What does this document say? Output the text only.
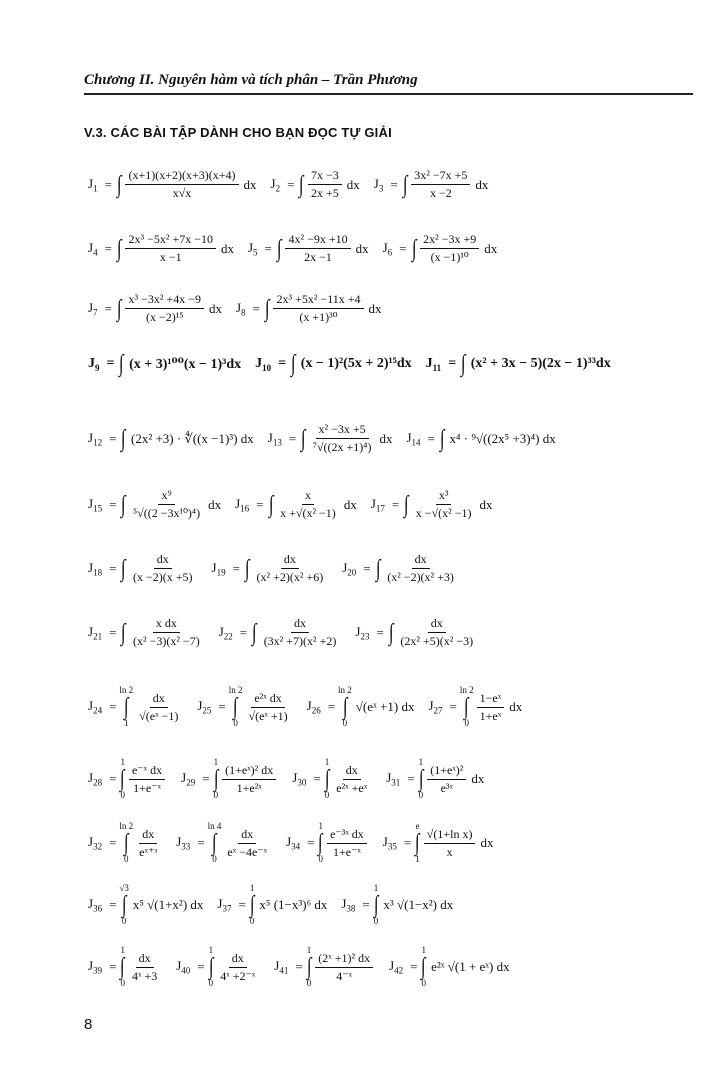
Chương II. Nguyên hàm và tích phân – Trần Phương
V.3. CÁC BÀI TẬP DÀNH CHO BẠN ĐỌC TỰ GIẢI
$J_1$ = ∫ $\frac{(x+1)(x+2)(x+3)(x+4)}{x√x}$ dx $J_2$ = ∫ $\frac{7x -3}{2x +5}$ dx $J_3$ = ∫ $\frac{\text{3x² −7x +5}}{x -2}$ dx
$J_4$ = ∫ $\frac{\text{2x³ −5x² +7x −10}}{x -1}$ dx $J_5$ = ∫ $\frac{\text{4x² −9x +10}}{2x -1}$ dx $J_6$ = ∫ $\frac{\text{2x² −3x +9}}{\text{(x −1)¹⁰}}$ dx
$J_7$ = ∫ $\frac{\text{x³ −3x² +4x −9}}{\text{(x −2)¹⁵}}$ dx $J_8$ = ∫ $\frac{\text{2x³ +5x² −11x +4}}{\text{(x +1)³⁰}}$ dx
$J_9$ = ∫ (x + 3)¹⁰⁰(x − 1)³dx $J_{10}$ = ∫ (x − 1)²(5x + 2)¹⁵dx $J_{11}$ = ∫ (x² + 3x − 5)(2x − 1)³³dx
$J_{12}$ = ∫ (2x² +3) · ∜((x −1)³) dx $J_{13}$ = ∫ $\frac{\text{x² −3x +5}}{\text{⁷√((2x +1)⁴)}}$ dx $J_{14}$ = ∫ x⁴ · ⁹√((2x⁵ +3)⁴) dx
$J_{15}$ = ∫ $\frac{\text{x⁹}}{\text{⁵√((2 −3x¹⁰)⁴)}}$ dx $J_{16}$ = ∫ $\frac{x}{\text{x +√(x² −1)}}$ dx $J_{17}$ = ∫ $\frac{\text{x³}}{\text{x −√(x² −1)}}$ dx
$J_{18}$ = ∫ $\frac{dx}{(x -2)(x +5)} J_{19}$ = ∫ $\frac{dx}{\text{(x² +2)(x² +6)}} J_{20}$ = ∫ $\frac{dx}{\text{(x² −2)(x² +3)}}$
$J_{21}$ = ∫ $\frac{\text{x dx}}{\text{(x² −3)(x² −7)}} J_{22}$ = ∫ $\frac{dx}{\text{(3x² +7)(x² +2)}} J_{23}$ = ∫ $\frac{dx}{\text{(2x² +5)(x² −3)}}$
$J_{24}$ =
ln 2
∫
$1 \frac{dx}{\text{√(eˣ −1)}} J_{25}$ =
ln 2
∫
$0 \frac{\text{e²ˣ dx}}{\text{√(eˣ +1)}} J_{26}$ =
ln 2
∫
0
√(eˣ +1) dx $J_{27}$ =
ln 2
∫
$0 \frac{\text{1−eˣ}}{\text{1+eˣ}}$ dx
$J_{28}$ =
1
∫
$0 \frac{\text{e⁻ˣ dx}}{\text{1+e⁻ˣ}} J_{29}$ =
1
∫
$0 \frac{\text{(1+eˣ)² dx}}{\text{1+e²ˣ}} J_{30}$ =
1
∫
$0 \frac{dx}{\text{e²ˣ +eˣ}} J_{31}$ =
1
∫
$0 \frac{\text{(1+eˣ)²}}{\text{e³ˣ}}$ dx
$J_{32}$ =
ln 2
∫
$0 \frac{dx}{\text{eˣ⁺ᶟ}} J_{33}$ =
ln 4
∫
$0 \frac{dx}{\text{eˣ −4e⁻ˣ}} J_{34}$ =
1
∫
$0 \frac{\text{e⁻³ˣ dx}}{\text{1+e⁻ˣ}} J_{35}$ =
e
∫
$1 \frac{\text{√(1+ln x)}}{x}$ dx
$J_{36}$ =
√3
∫
0
x⁵ √(1+x²) dx $J_{37}$ =
1
∫
0
x⁵ (1−x³)⁶ dx $J_{38}$ =
1
∫
0
x³ √(1−x²) dx
$J_{39}$ =
1
∫
$0 \frac{dx}{\text{4ˣ +3}} J_{40}$ =
1
∫
$0 \frac{dx}{\text{4ˣ +2⁻ˣ}} J_{41}$ =
1
∫
$0 \frac{\text{(2ˣ +1)² dx}}{\text{4⁻ˣ}} J_{42}$ =
1
∫
0
e²ˣ √(1 + eˣ) dx
8
